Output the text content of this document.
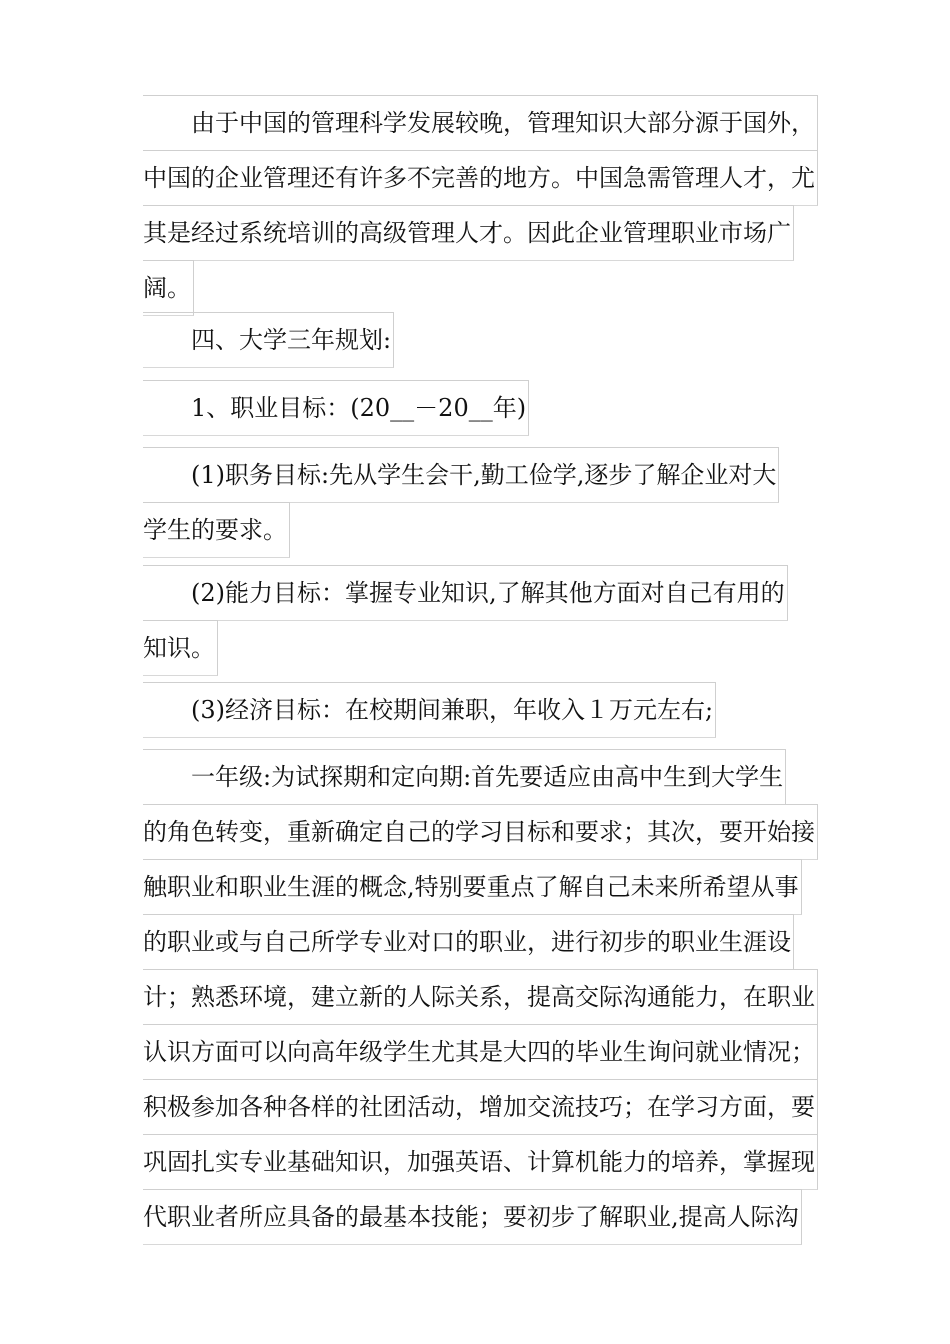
由于中国的管理科学发展较晚，管理知识大部分源于国外，
中国的企业管理还有许多不完善的地方。中国急需管理人才，尤
其是经过系统培训的高级管理人才。因此企业管理职业市场广
阔。
四、大学三年规划:
1、职业目标：(20__－20__年)
(1)职务目标:先从学生会干,勤工俭学,逐步了解企业对大
学生的要求。
(2)能力目标：掌握专业知识,了解其他方面对自己有用的
知识。
(3)经济目标：在校期间兼职，年收入１万元左右;
一年级:为试探期和定向期:首先要适应由高中生到大学生
的角色转变，重新确定自己的学习目标和要求；其次，要开始接
触职业和职业生涯的概念,特别要重点了解自己未来所希望从事
的职业或与自己所学专业对口的职业，进行初步的职业生涯设
计；熟悉环境，建立新的人际关系，提高交际沟通能力，在职业
认识方面可以向高年级学生尤其是大四的毕业生询问就业情况；
积极参加各种各样的社团活动，增加交流技巧；在学习方面，要
巩固扎实专业基础知识，加强英语、计算机能力的培养，掌握现
代职业者所应具备的最基本技能；要初步了解职业,提高人际沟
